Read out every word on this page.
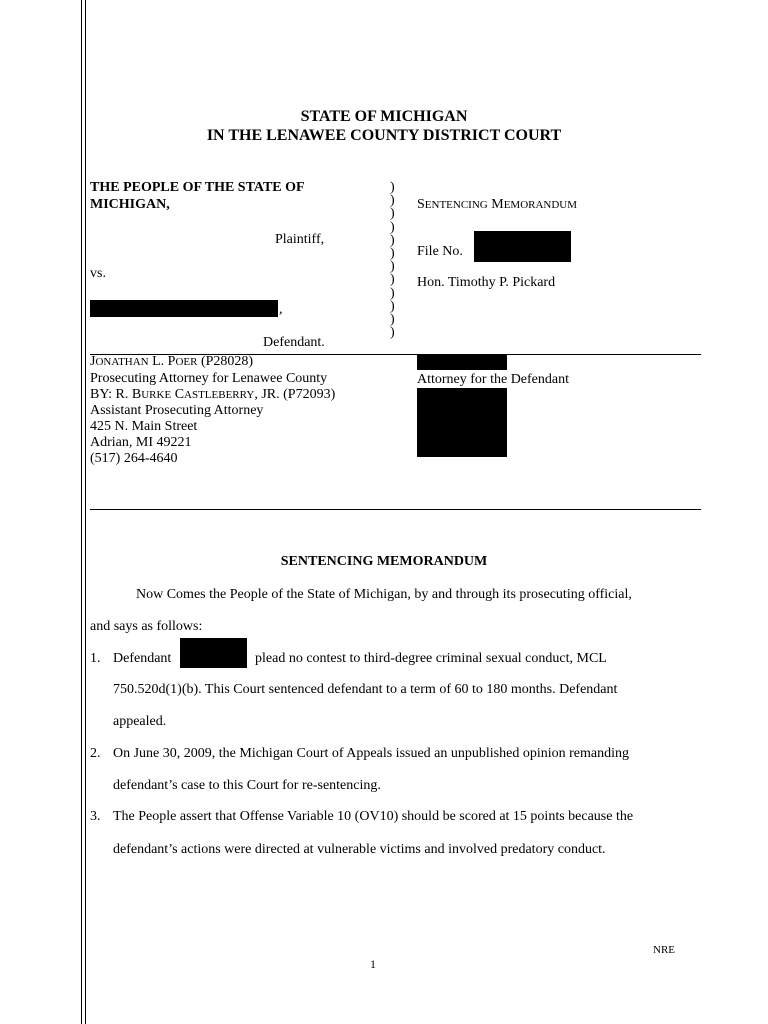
STATE OF MICHIGAN
IN THE LENAWEE COUNTY DISTRICT COURT
THE PEOPLE OF THE STATE OF
MICHIGAN,
Plaintiff,
vs.
,
Defendant.
)
)
)
)
)
)
)
)
)
)
)
)
SENTENCING MEMORANDUM
File No.
Hon. Timothy P. Pickard
JONATHAN L. POER (P28028)
Prosecuting Attorney for Lenawee County
BY: R. BURKE CASTLEBERRY, JR. (P72093)
Assistant Prosecuting Attorney
425 N. Main Street
Adrian, MI 49221
(517) 264-4640
Attorney for the Defendant
SENTENCING MEMORANDUM
Now Comes the People of the State of Michigan, by and through its prosecuting official,
and says as follows:
1. Defendant	plead no contest to third-degree criminal sexual conduct, MCL
750.520d(1)(b). This Court sentenced defendant to a term of 60 to 180 months. Defendant
appealed.
2. On June 30, 2009, the Michigan Court of Appeals issued an unpublished opinion remanding
defendant’s case to this Court for re-sentencing.
3. The People assert that Offense Variable 10 (OV10) should be scored at 15 points because the
defendant’s actions were directed at vulnerable victims and involved predatory conduct.
NRE
1
